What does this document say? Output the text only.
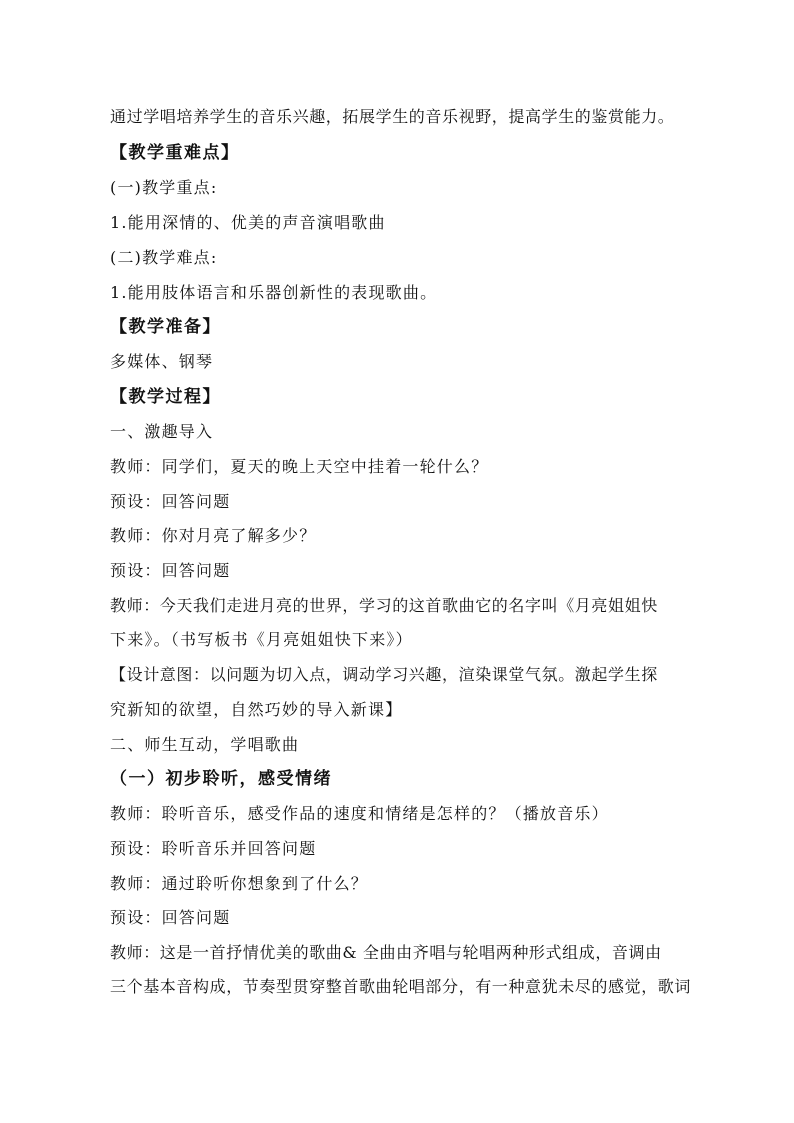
通过学唱培养学生的音乐兴趣，拓展学生的音乐视野，提高学生的鉴赏能力。
【教学重难点】
(一)教学重点:
1.能用深情的、优美的声音演唱歌曲
(二)教学难点:
1.能用肢体语言和乐器创新性的表现歌曲。
【教学准备】
多媒体、钢琴
【教学过程】
一、激趣导入
教师：同学们，夏天的晚上天空中挂着一轮什么？
预设：回答问题
教师：你对月亮了解多少？
预设：回答问题
教师：今天我们走进月亮的世界，学习的这首歌曲它的名字叫《月亮姐姐快
下来》。（书写板书《月亮姐姐快下来》）
【设计意图：以问题为切入点，调动学习兴趣，渲染课堂气氛。激起学生探
究新知的欲望，自然巧妙的导入新课】
二、师生互动，学唱歌曲
（一）初步聆听，感受情绪
教师：聆听音乐，感受作品的速度和情绪是怎样的？（播放音乐）
预设：聆听音乐并回答问题
教师：通过聆听你想象到了什么？
预设：回答问题
教师：这是一首抒情优美的歌曲& 全曲由齐唱与轮唱两种形式组成，音调由
三个基本音构成，节奏型贯穿整首歌曲轮唱部分，有一种意犹未尽的感觉，歌词
